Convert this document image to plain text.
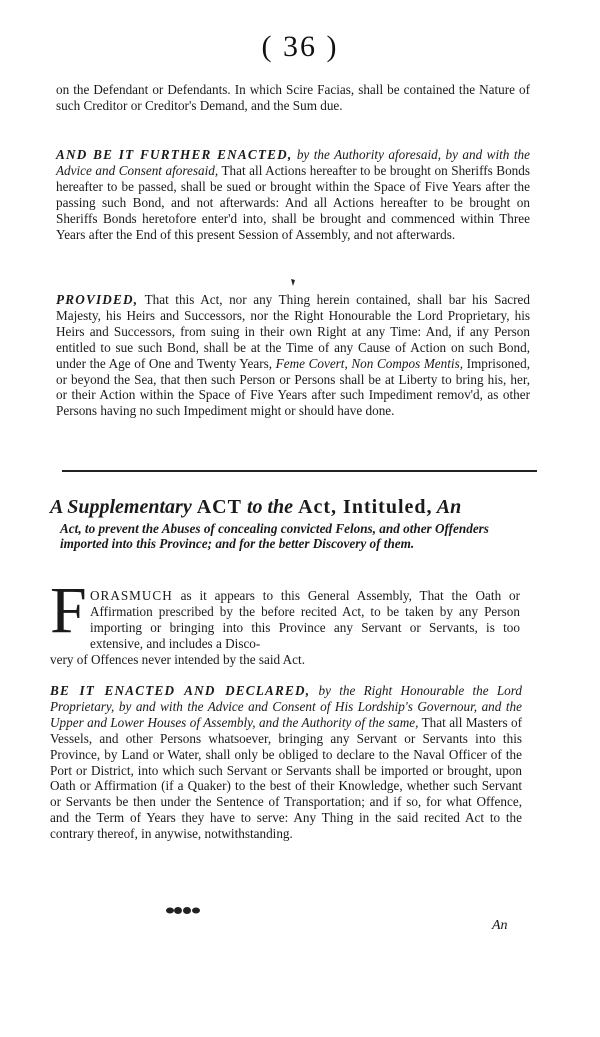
( 36 )
on the Defendant or Defendants. In which Scire Facias, shall be contained the Nature of such Creditor or Creditor's Demand, and the Sum due.
AND BE IT FURTHER ENACTED, by the Authority aforesaid, by and with the Advice and Consent aforesaid, That all Actions hereafter to be brought on Sheriffs Bonds hereafter to be passed, shall be sued or brought within the Space of Five Years after the passing such Bond, and not afterwards: And all Actions hereafter to be brought on Sheriffs Bonds heretofore enter'd into, shall be brought and commenced within Three Years after the End of this present Session of Assembly, and not afterwards.
PROVIDED, That this Act, nor any Thing herein contained, shall bar his Sacred Majesty, his Heirs and Successors, nor the Right Honourable the Lord Proprietary, his Heirs and Successors, from suing in their own Right at any Time: And, if any Person entitled to sue such Bond, shall be at the Time of any Cause of Action on such Bond, under the Age of One and Twenty Years, Feme Covert, Non Compos Mentis, Imprisoned, or beyond the Sea, that then such Person or Persons shall be at Liberty to bring his, her, or their Action within the Space of Five Years after such Impediment remov'd, as other Persons having no such Impediment might or should have done.
A Supplementary ACT to the Act, Intituled, An
Act, to prevent the Abuses of concealing convicted Felons, and other Offenders imported into this Province; and for the better Discovery of them.
F ORASMUCH as it appears to this General Assembly, That the Oath or Affirmation prescribed by the before recited Act, to be taken by any Person importing or bringing into this Province any Servant or Servants, is too extensive, and includes a Disco-
very of Offences never intended by the said Act.
BE IT ENACTED AND DECLARED, by the Right Honourable the Lord Proprietary, by and with the Advice and Consent of His Lordship's Governour, and the Upper and Lower Houses of Assembly, and the Authority of the same, That all Masters of Vessels, and other Persons whatsoever, bringing any Servant or Servants into this Province, by Land or Water, shall only be obliged to declare to the Naval Officer of the Port or District, into which such Servant or Servants shall be imported or brought, upon Oath or Affirmation (if a Quaker) to the best of their Knowledge, whether such Servant or Servants be then under the Sentence of Transportation; and if so, for what Offence, and the Term of Years they have to serve: Any Thing in the said recited Act to the contrary thereof, in anywise, notwithstanding.
An
